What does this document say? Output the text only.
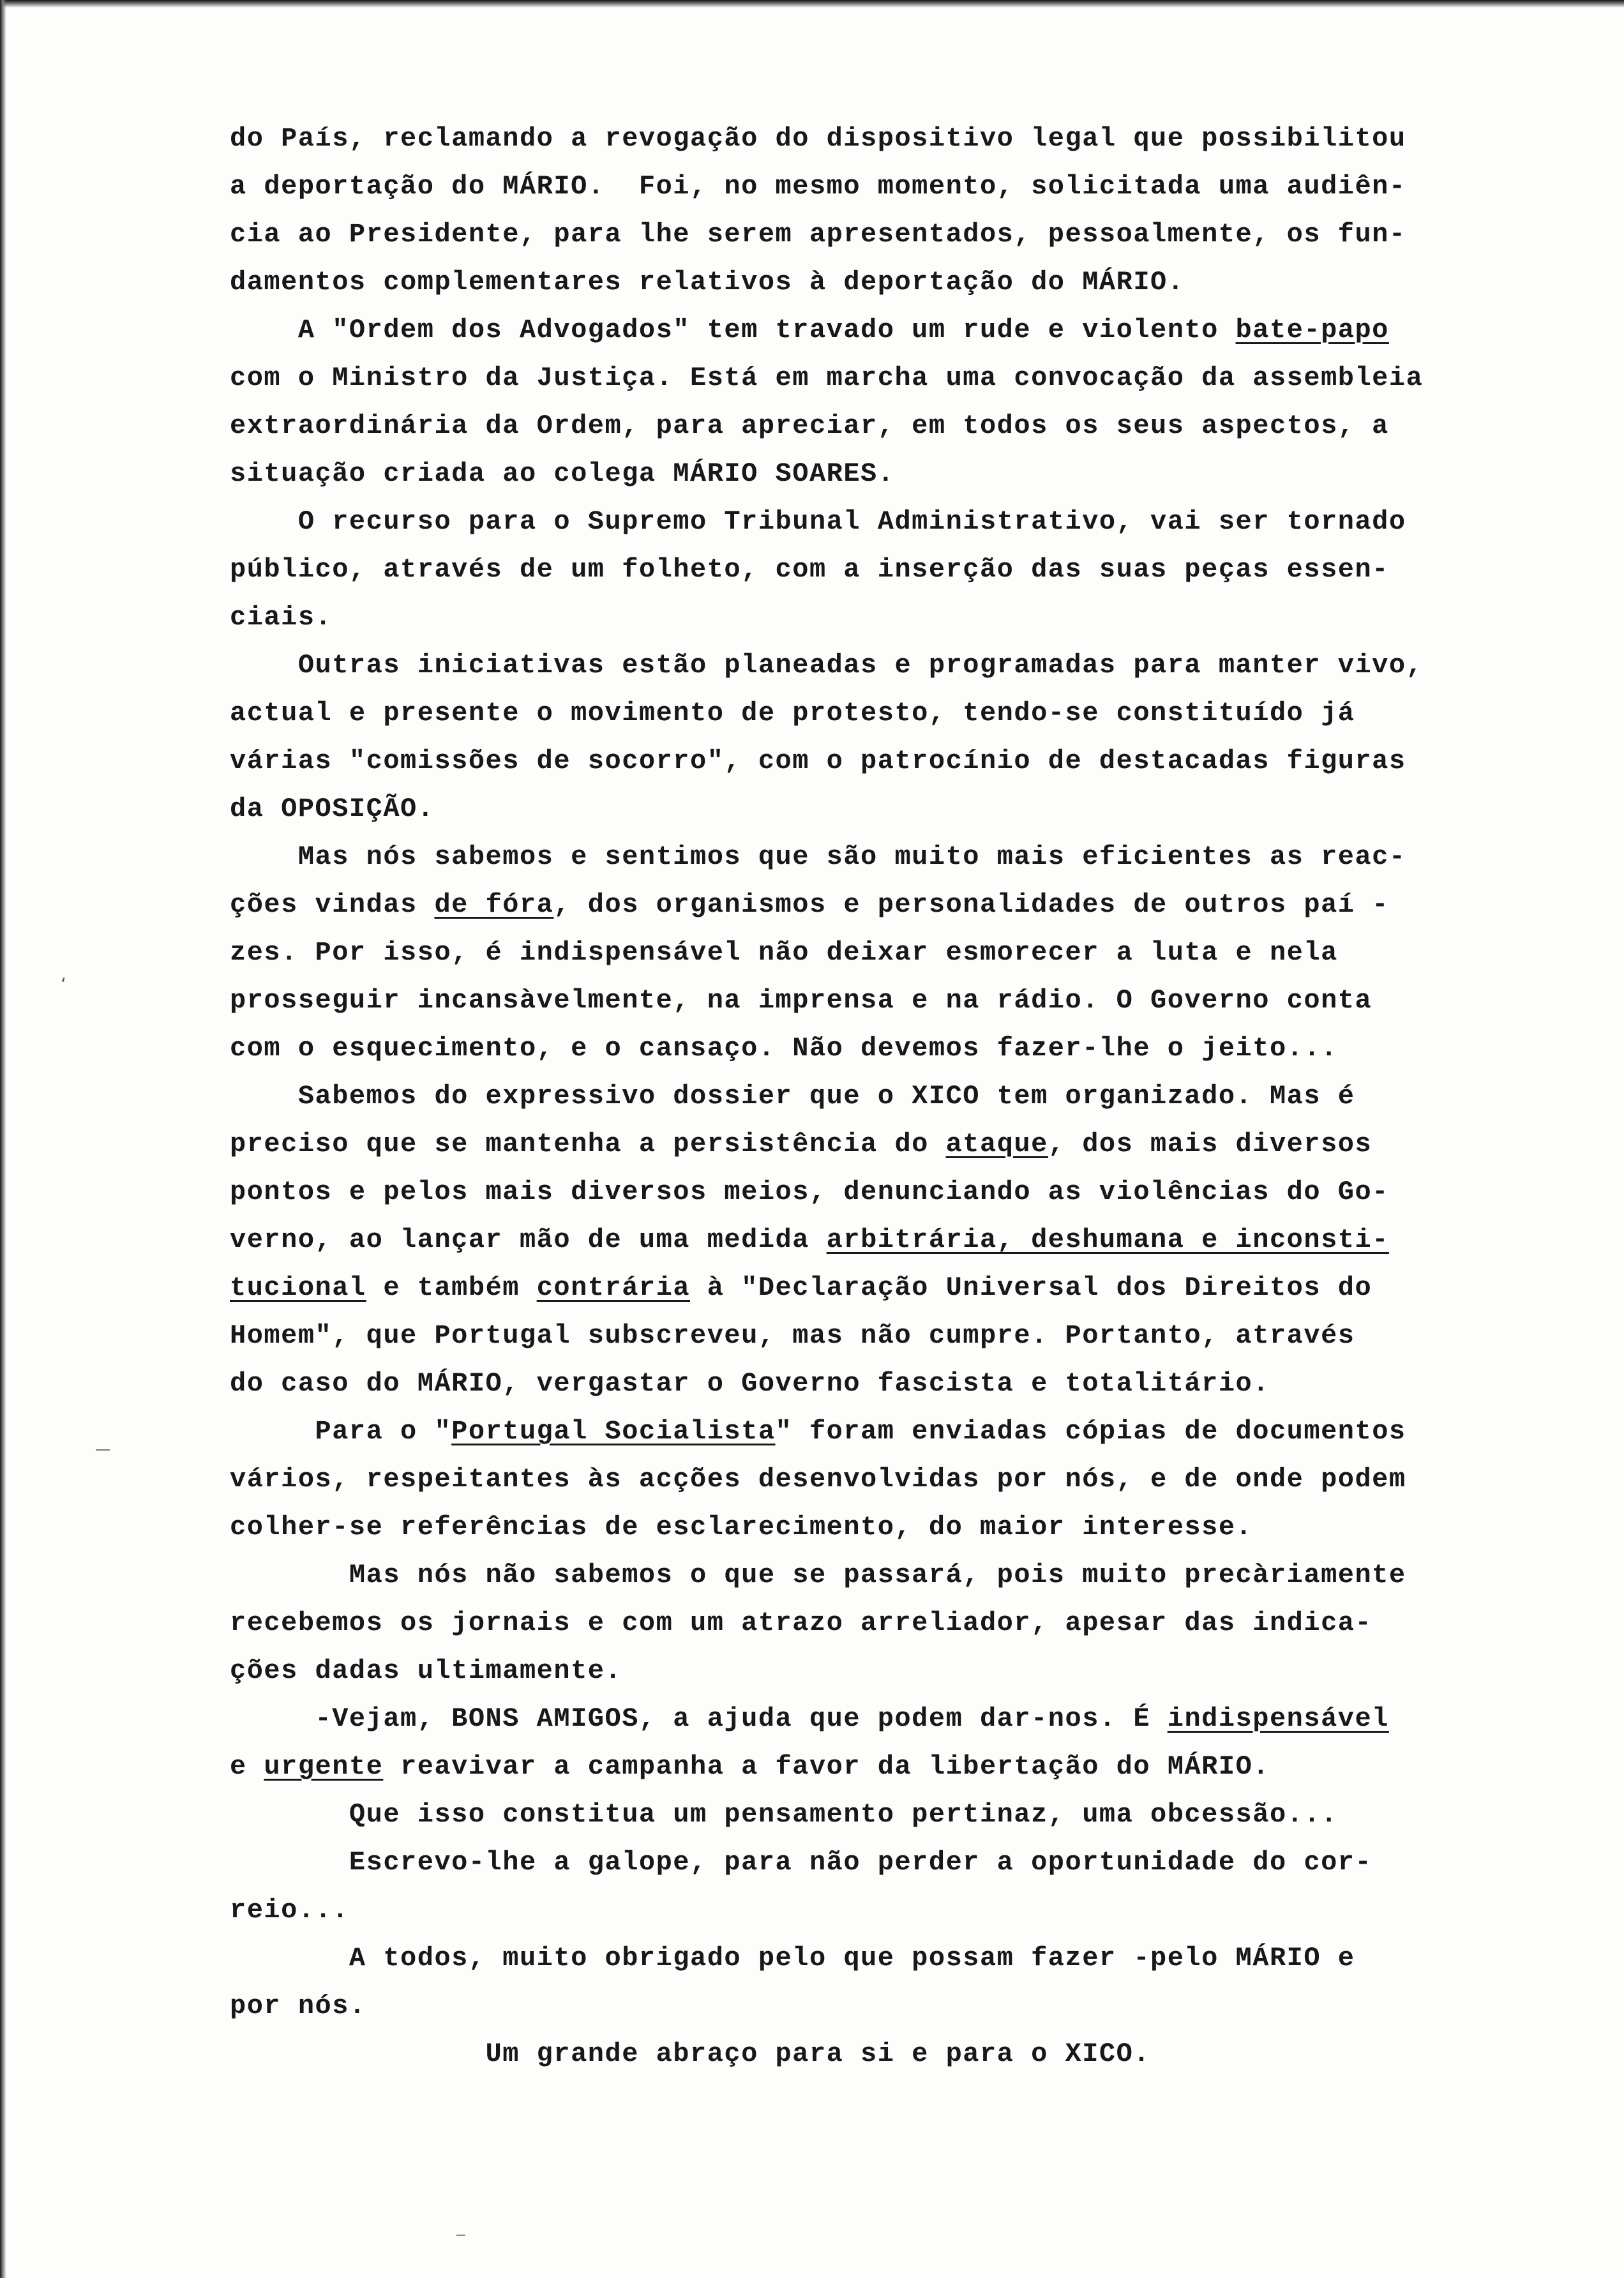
do País, reclamando a revogação do dispositivo legal que possibilitou
a deportação do MÁRIO.  Foi, no mesmo momento, solicitada uma audiên-
cia ao Presidente, para lhe serem apresentados, pessoalmente, os fun-
damentos complementares relativos à deportação do MÁRIO.
A "Ordem dos Advogados" tem travado um rude e violento bate-papo
com o Ministro da Justiça. Está em marcha uma convocação da assembleia
extraordinária da Ordem, para apreciar, em todos os seus aspectos, a
situação criada ao colega MÁRIO SOARES.
O recurso para o Supremo Tribunal Administrativo, vai ser tornado
público, através de um folheto, com a inserção das suas peças essen-
ciais.
Outras iniciativas estão planeadas e programadas para manter vivo,
actual e presente o movimento de protesto, tendo-se constituído já
várias "comissões de socorro", com o patrocínio de destacadas figuras
da OPOSIÇÃO.
Mas nós sabemos e sentimos que são muito mais eficientes as reac-
ções vindas de fóra, dos organismos e personalidades de outros paí -
zes. Por isso, é indispensável não deixar esmorecer a luta e nela
prosseguir incansàvelmente, na imprensa e na rádio. O Governo conta
com o esquecimento, e o cansaço. Não devemos fazer-lhe o jeito...
Sabemos do expressivo dossier que o XICO tem organizado. Mas é
preciso que se mantenha a persistência do ataque, dos mais diversos
pontos e pelos mais diversos meios, denunciando as violências do Go-
verno, ao lançar mão de uma medida arbitrária, deshumana e inconsti-
tucional e também contrária à "Declaração Universal dos Direitos do
Homem", que Portugal subscreveu, mas não cumpre. Portanto, através
do caso do MÁRIO, vergastar o Governo fascista e totalitário.
Para o "Portugal Socialista" foram enviadas cópias de documentos
vários, respeitantes às acções desenvolvidas por nós, e de onde podem
colher-se referências de esclarecimento, do maior interesse.
Mas nós não sabemos o que se passará, pois muito precàriamente
recebemos os jornais e com um atrazo arreliador, apesar das indica-
ções dadas ultimamente.
-Vejam, BONS AMIGOS, a ajuda que podem dar-nos. É indispensável
e urgente reavivar a campanha a favor da libertação do MÁRIO.
Que isso constitua um pensamento pertinaz, uma obcessão...
Escrevo-lhe a galope, para não perder a oportunidade do cor-
reio...
A todos, muito obrigado pelo que possam fazer -pelo MÁRIO e
por nós.
Um grande abraço para si e para o XICO.
‘
